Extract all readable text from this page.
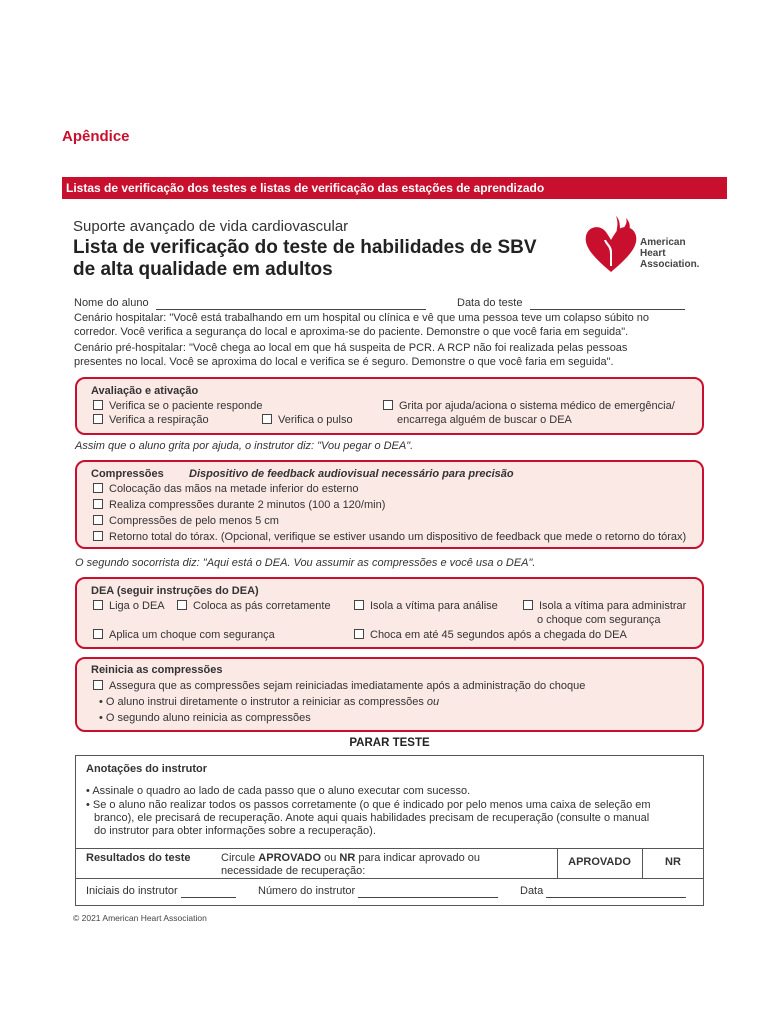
Apêndice
Listas de verificação dos testes e listas de verificação das estações de aprendizado
Suporte avançado de vida cardiovascular
Lista de verificação do teste de habilidades de SBV
de alta qualidade em adultos
American
Heart
Association.
Nome do aluno	Data do teste
Cenário hospitalar: "Você está trabalhando em um hospital ou clínica e vê que uma pessoa teve um colapso súbito no
corredor. Você verifica a segurança do local e aproxima-se do paciente. Demonstre o que você faria em seguida".
Cenário pré-hospitalar: "Você chega ao local em que há suspeita de PCR. A RCP não foi realizada pelas pessoas
presentes no local. Você se aproxima do local e verifica se é seguro. Demonstre o que você faria em seguida".
Avaliação e ativação
Verifica se o paciente responde
Verifica a respiração	Verifica o pulso
Grita por ajuda/aciona o sistema médico de emergência/
encarrega alguém de buscar o DEA
Assim que o aluno grita por ajuda, o instrutor diz: "Vou pegar o DEA".
Compressões Dispositivo de feedback audiovisual necessário para precisão
Colocação das mãos na metade inferior do esterno
Realiza compressões durante 2 minutos (100 a 120/min)
Compressões de pelo menos 5 cm
Retorno total do tórax. (Opcional, verifique se estiver usando um dispositivo de feedback que mede o retorno do tórax)
O segundo socorrista diz: "Aqui está o DEA. Vou assumir as compressões e você usa o DEA".
DEA (seguir instruções do DEA)
Liga o DEA	Coloca as pás corretamente	Isola a vítima para análise	Isola a vítima para administrar
o choque com segurança
Aplica um choque com segurança	Choca em até 45 segundos após a chegada do DEA
Reinicia as compressões
Assegura que as compressões sejam reiniciadas imediatamente após a administração do choque
• O aluno instrui diretamente o instrutor a reiniciar as compressões ou
• O segundo aluno reinicia as compressões
PARAR TESTE
Anotações do instrutor
• Assinale o quadro ao lado de cada passo que o aluno executar com sucesso.
• Se o aluno não realizar todos os passos corretamente (o que é indicado por pelo menos uma caixa de seleção em
branco), ele precisará de recuperação. Anote aqui quais habilidades precisam de recuperação (consulte o manual
do instrutor para obter informações sobre a recuperação).
Resultados do teste	Circule APROVADO ou NR para indicar aprovado ou
necessidade de recuperação:
APROVADO	NR
Iniciais do instrutor	Número do instrutor	Data
© 2021 American Heart Association
